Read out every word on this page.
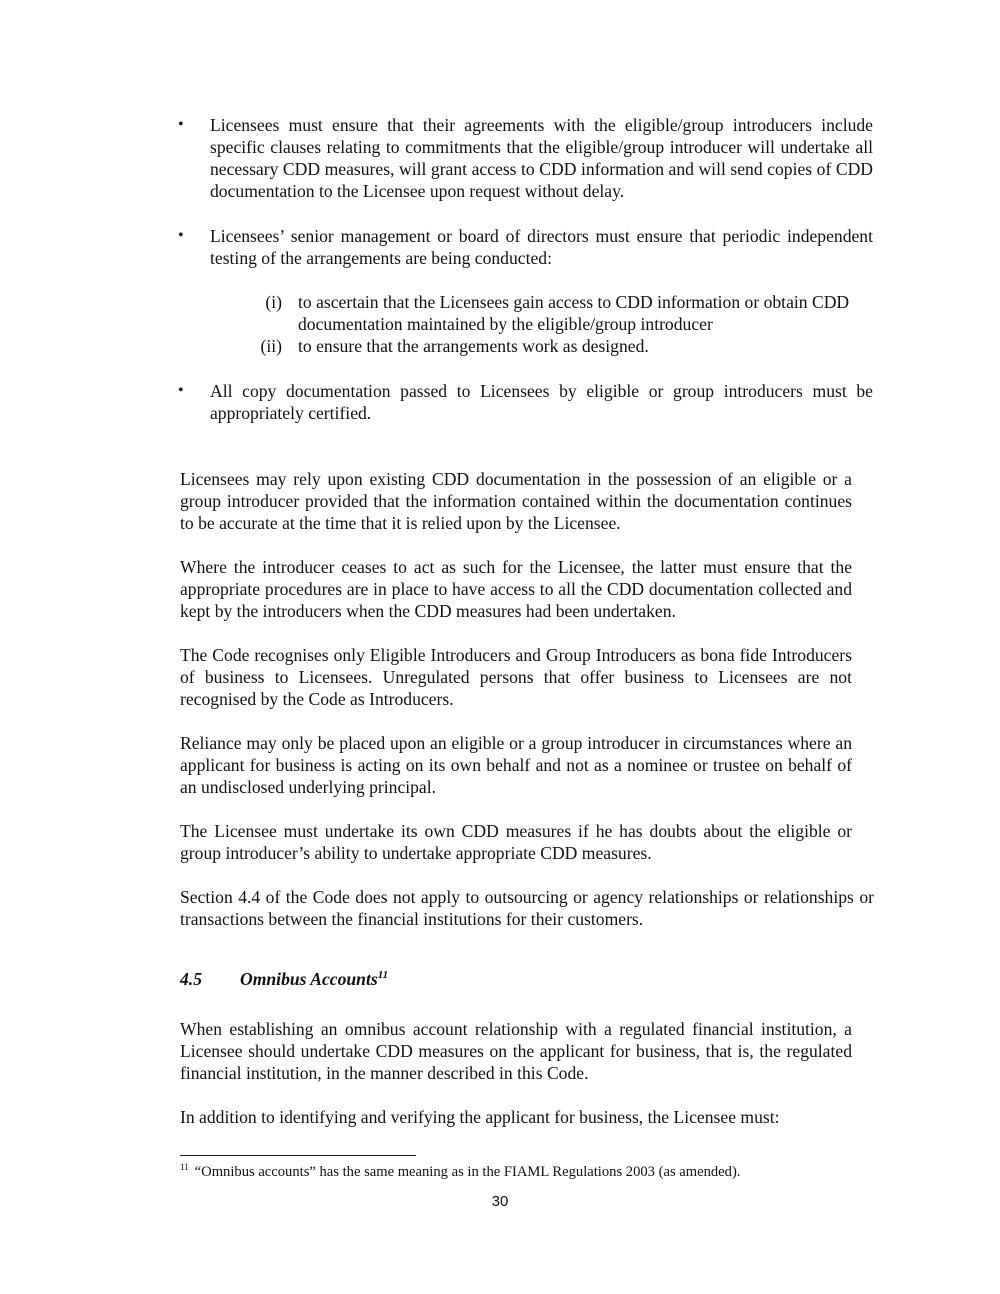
• Licensees must ensure that their agreements with the eligible/group introducers include specific clauses relating to commitments that the eligible/group introducer will undertake all necessary CDD measures, will grant access to CDD information and will send copies of CDD documentation to the Licensee upon request without delay.

• Licensees’ senior management or board of directors must ensure that periodic independent testing of the arrangements are being conducted:

(i) to ascertain that the Licensees gain access to CDD information or obtain CDD documentation maintained by the eligible/group introducer

(ii) to ensure that the arrangements work as designed.

• All copy documentation passed to Licensees by eligible or group introducers must be appropriately certified.

Licensees may rely upon existing CDD documentation in the possession of an eligible or a group introducer provided that the information contained within the documentation continues to be accurate at the time that it is relied upon by the Licensee.

Where the introducer ceases to act as such for the Licensee, the latter must ensure that the appropriate procedures are in place to have access to all the CDD documentation collected and kept by the introducers when the CDD measures had been undertaken.

The Code recognises only Eligible Introducers and Group Introducers as bona fide Introducers of business to Licensees. Unregulated persons that offer business to Licensees are not recognised by the Code as Introducers.

Reliance may only be placed upon an eligible or a group introducer in circumstances where an applicant for business is acting on its own behalf and not as a nominee or trustee on behalf of an undisclosed underlying principal.

The Licensee must undertake its own CDD measures if he has doubts about the eligible or group introducer’s ability to undertake appropriate CDD measures.

Section 4.4 of the Code does not apply to outsourcing or agency relationships or relationships or transactions between the financial institutions for their customers.

4.5 Omnibus Accounts$^{11}$

When establishing an omnibus account relationship with a regulated financial institution, a Licensee should undertake CDD measures on the applicant for business, that is, the regulated financial institution, in the manner described in this Code.

In addition to identifying and verifying the applicant for business, the Licensee must:

$^{11}$ “Omnibus accounts” has the same meaning as in the FIAML Regulations 2003 (as amended).
30
